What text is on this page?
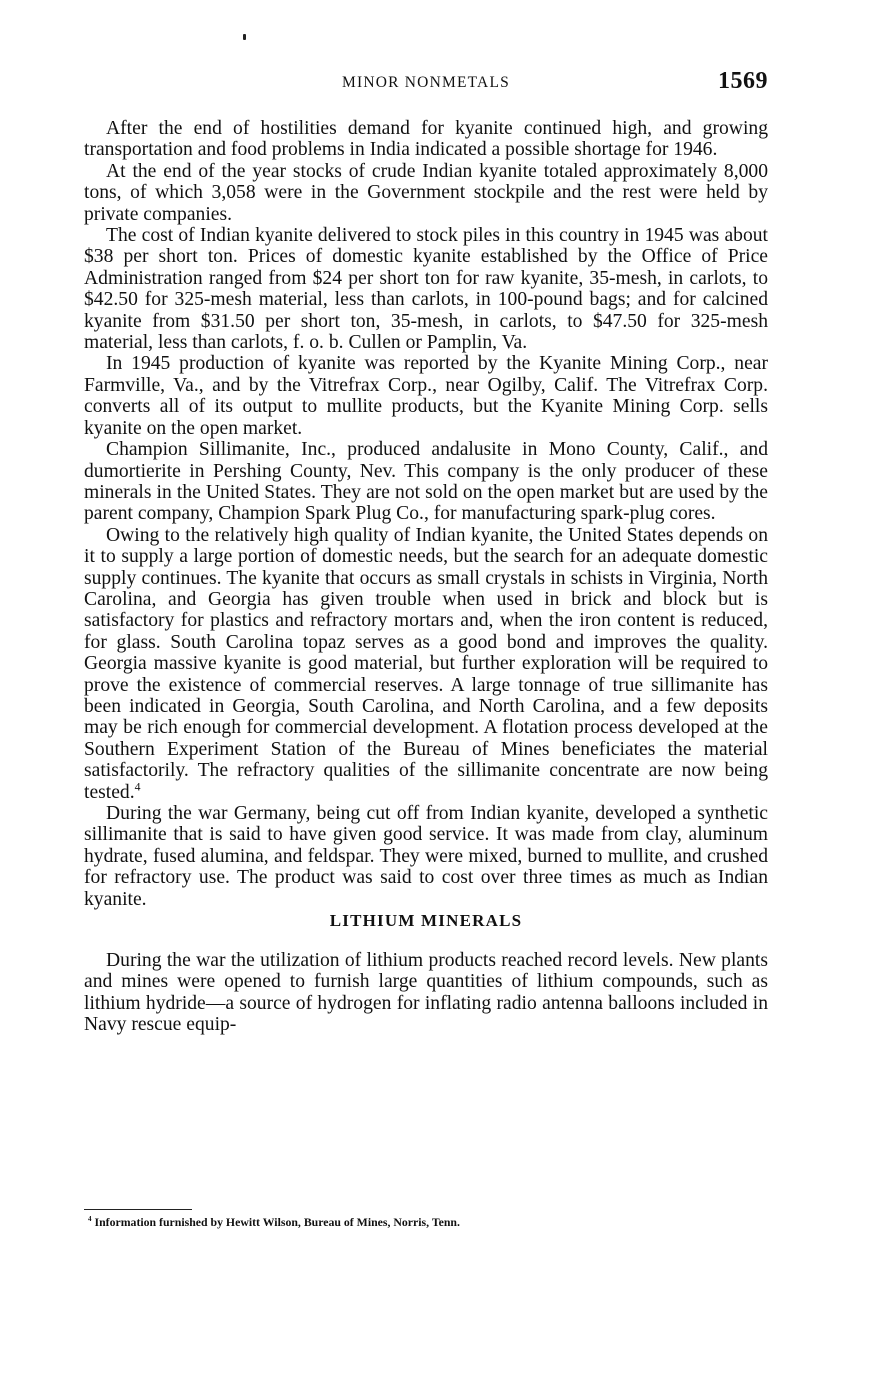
MINOR NONMETALS	1569

After the end of hostilities demand for kyanite continued high, and growing transportation and food problems in India indicated a possible shortage for 1946.

At the end of the year stocks of crude Indian kyanite totaled approximately 8,000 tons, of which 3,058 were in the Government stockpile and the rest were held by private companies.

The cost of Indian kyanite delivered to stock piles in this country in 1945 was about $38 per short ton. Prices of domestic kyanite established by the Office of Price Administration ranged from $24 per short ton for raw kyanite, 35-mesh, in carlots, to $42.50 for 325-mesh material, less than carlots, in 100-pound bags; and for calcined kyanite from $31.50 per short ton, 35-mesh, in carlots, to $47.50 for 325-mesh material, less than carlots, f. o. b. Cullen or Pamplin, Va.

In 1945 production of kyanite was reported by the Kyanite Mining Corp., near Farmville, Va., and by the Vitrefrax Corp., near Ogilby, Calif. The Vitrefrax Corp. converts all of its output to mullite products, but the Kyanite Mining Corp. sells kyanite on the open market.

Champion Sillimanite, Inc., produced andalusite in Mono County, Calif., and dumortierite in Pershing County, Nev. This company is the only producer of these minerals in the United States. They are not sold on the open market but are used by the parent company, Champion Spark Plug Co., for manufacturing spark-plug cores.

Owing to the relatively high quality of Indian kyanite, the United States depends on it to supply a large portion of domestic needs, but the search for an adequate domestic supply continues. The kyanite that occurs as small crystals in schists in Virginia, North Carolina, and Georgia has given trouble when used in brick and block but is satisfactory for plastics and refractory mortars and, when the iron content is reduced, for glass. South Carolina topaz serves as a good bond and improves the quality. Georgia massive kyanite is good material, but further exploration will be required to prove the existence of commercial reserves. A large tonnage of true sillimanite has been indicated in Georgia, South Carolina, and North Carolina, and a few deposits may be rich enough for commercial development. A flotation process developed at the Southern Experiment Station of the Bureau of Mines beneficiates the material satisfactorily. The refractory qualities of the sillimanite concentrate are now being tested.$^4$

During the war Germany, being cut off from Indian kyanite, developed a synthetic sillimanite that is said to have given good service. It was made from clay, aluminum hydrate, fused alumina, and feldspar. They were mixed, burned to mullite, and crushed for refractory use. The product was said to cost over three times as much as Indian kyanite.

LITHIUM MINERALS

During the war the utilization of lithium products reached record levels. New plants and mines were opened to furnish large quantities of lithium compounds, such as lithium hydride—a source of hydrogen for inflating radio antenna balloons included in Navy rescue equip-

$^4$ Information furnished by Hewitt Wilson, Bureau of Mines, Norris, Tenn.
